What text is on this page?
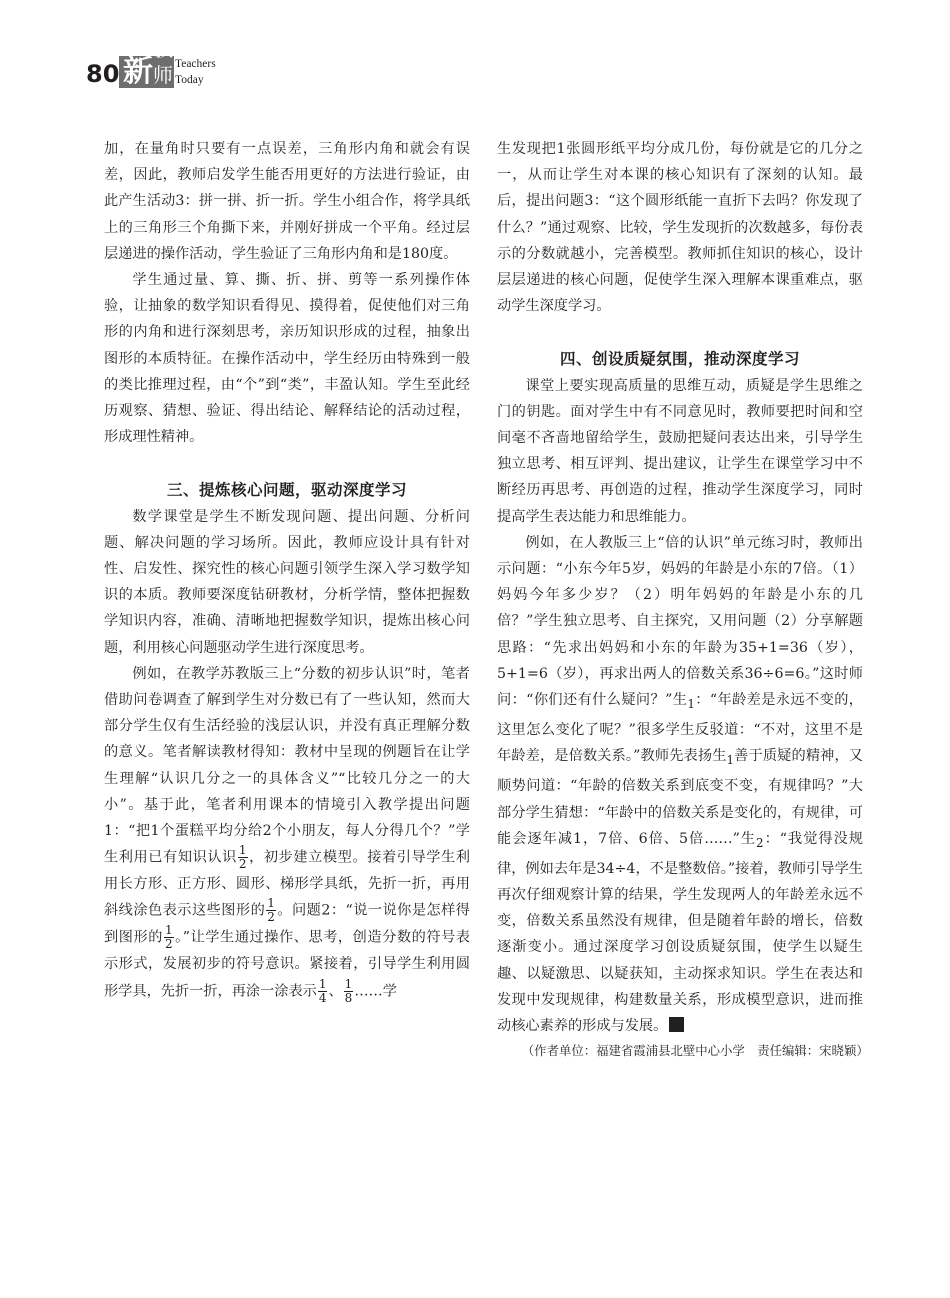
80 新
教师 Teachers Today

加，在量角时只要有一点误差，三角形内角和就会有误差，因此，教师启发学生能否用更好的方法进行验证，由此产生活动3：拼一拼、折一折。学生小组合作，将学具纸上的三角形三个角撕下来，并刚好拼成一个平角。经过层层递进的操作活动，学生验证了三角形内角和是180度。

学生通过量、算、撕、折、拼、剪等一系列操作体验，让抽象的数学知识看得见、摸得着，促使他们对三角形的内角和进行深刻思考，亲历知识形成的过程，抽象出图形的本质特征。在操作活动中，学生经历由特殊到一般的类比推理过程，由“个”到“类”，丰盈认知。学生至此经历观察、猜想、验证、得出结论、解释结论的活动过程，形成理性精神。

三、提炼核心问题，驱动深度学习

数学课堂是学生不断发现问题、提出问题、分析问题、解决问题的学习场所。因此，教师应设计具有针对性、启发性、探究性的核心问题引领学生深入学习数学知识的本质。教师要深度钻研教材，分析学情，整体把握数学知识内容，准确、清晰地把握数学知识，提炼出核心问题，利用核心问题驱动学生进行深度思考。

例如，在教学苏教版三上“分数的初步认识”时，笔者借助问卷调查了解到学生对分数已有了一些认知，然而大部分学生仅有生活经验的浅层认识，并没有真正理解分数的意义。笔者解读教材得知：教材中呈现的例题旨在让学生理解“认识几分之一的具体含义”“比较几分之一的大小”。基于此，笔者利用课本的情境引入教学提出问题1：“把1个蛋糕平均分给2个小朋友，每人分得几个？”学生利用已有知识认识 $\frac{1}{2}$ ，初步建立模型。接着引导学生利用长方形、正方形、圆形、梯形学具纸，先折一折，再用斜线涂色表示这些图形的 $\frac{1}{2}$ 。问题2：“说一说你是怎样得到图形的 $\frac{1}{2}$ 。”让学生通过操作、思考，创造分数的符号表示形式，发展初步的符号意识。紧接着，引导学生利用圆形学具，先折一折，再涂一涂表示 $\frac{1}{4}$ 、 $\frac{1}{8}$ ……学

生发现把1张圆形纸平均分成几份，每份就是它的几分之一，从而让学生对本课的核心知识有了深刻的认知。最后，提出问题3：“这个圆形纸能一直折下去吗？你发现了什么？”通过观察、比较，学生发现折的次数越多，每份表示的分数就越小，完善模型。教师抓住知识的核心，设计层层递进的核心问题，促使学生深入理解本课重难点，驱动学生深度学习。

四、创设质疑氛围，推动深度学习

课堂上要实现高质量的思维互动，质疑是学生思维之门的钥匙。面对学生中有不同意见时，教师要把时间和空间毫不吝啬地留给学生，鼓励把疑问表达出来，引导学生独立思考、相互评判、提出建议，让学生在课堂学习中不断经历再思考、再创造的过程，推动学生深度学习，同时提高学生表达能力和思维能力。

例如，在人教版三上“倍的认识”单元练习时，教师出示问题：“小东今年5岁，妈妈的年龄是小东的7倍。（1）妈妈今年多少岁？（2）明年妈妈的年龄是小东的几倍？”学生独立思考、自主探究，又用问题（2）分享解题思路：“先求出妈妈和小东的年龄为35+1=36（岁），5+1=6（岁），再求出两人的倍数关系36÷6=6。”这时师问：“你们还有什么疑问？”生$_1$：“年龄差是永远不变的，这里怎么变化了呢？”很多学生反驳道：“不对，这里不是年龄差，是倍数关系。”教师先表扬生$_1$善于质疑的精神，又顺势问道：“年龄的倍数关系到底变不变，有规律吗？”大部分学生猜想：“年龄中的倍数关系是变化的，有规律，可能会逐年减1，7倍、6倍、5倍……”生$_2$：“我觉得没规律，例如去年是34÷4，不是整数倍。”接着，教师引导学生再次仔细观察计算的结果，学生发现两人的年龄差永远不变，倍数关系虽然没有规律，但是随着年龄的增长，倍数逐渐变小。通过深度学习创设质疑氛围，使学生以疑生趣、以疑激思、以疑获知，主动探求知识。学生在表达和发现中发现规律，构建数量关系，形成模型意识，进而推动核心素养的形成与发展。

（作者单位：福建省霞浦县北壁中心小学　责任编辑：宋晓颖）
